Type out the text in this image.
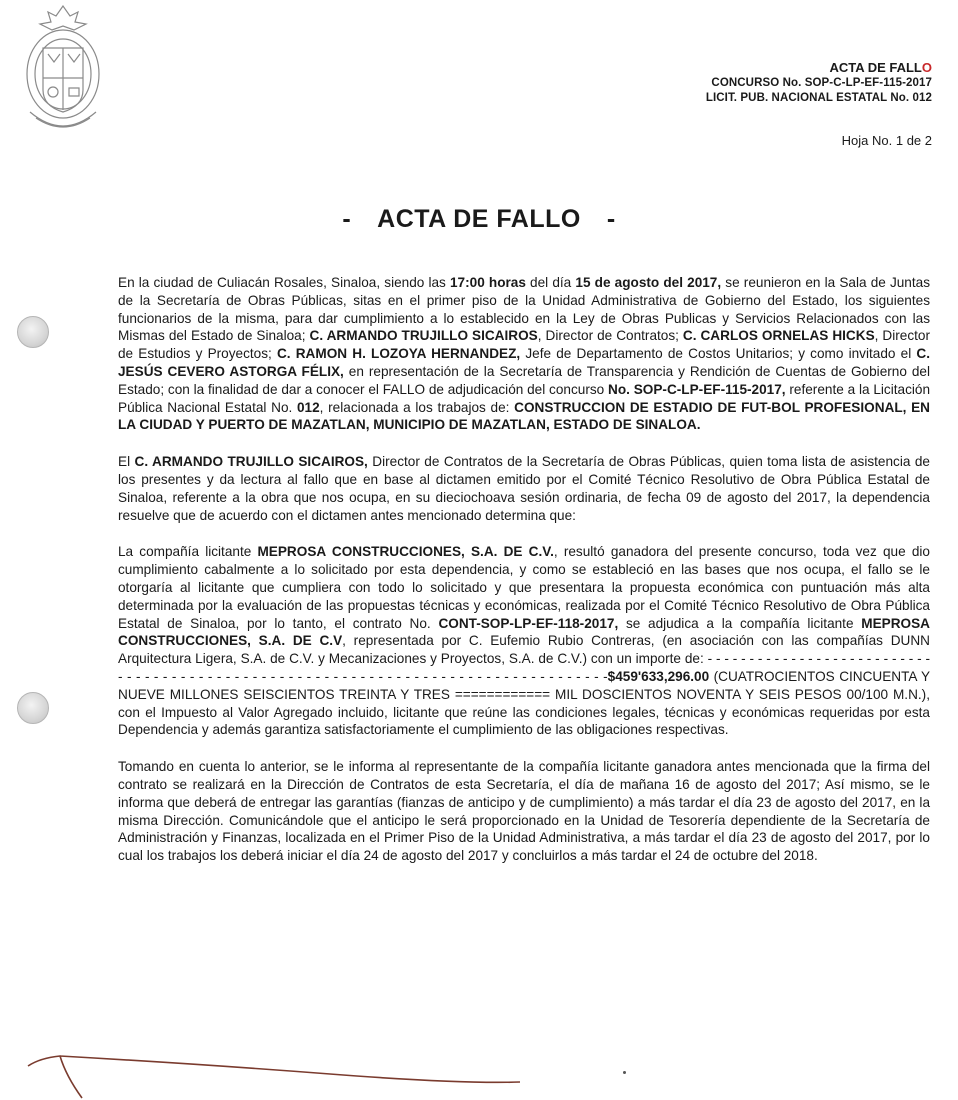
ACTA DE FALLO
CONCURSO No. SOP-C-LP-EF-115-2017
LICIT. PUB. NACIONAL ESTATAL No. 012
Hoja No. 1 de 2
- ACTA DE FALLO -

En la ciudad de Culiacán Rosales, Sinaloa, siendo las 17:00 horas del día 15 de agosto del 2017, se reunieron en la Sala de Juntas de la Secretaría de Obras Públicas, sitas en el primer piso de la Unidad Administrativa de Gobierno del Estado, los siguientes funcionarios de la misma, para dar cumplimiento a lo establecido en la Ley de Obras Publicas y Servicios Relacionados con las Mismas del Estado de Sinaloa; C. ARMANDO TRUJILLO SICAIROS, Director de Contratos; C. CARLOS ORNELAS HICKS, Director de Estudios y Proyectos; C. RAMON H. LOZOYA HERNANDEZ, Jefe de Departamento de Costos Unitarios; y como invitado el C. JESÚS CEVERO ASTORGA FÉLIX, en representación de la Secretaría de Transparencia y Rendición de Cuentas de Gobierno del Estado; con la finalidad de dar a conocer el FALLO de adjudicación del concurso No. SOP-C-LP-EF-115-2017, referente a la Licitación Pública Nacional Estatal No. 012, relacionada a los trabajos de: CONSTRUCCION DE ESTADIO DE FUT-BOL PROFESIONAL, EN LA CIUDAD Y PUERTO DE MAZATLAN, MUNICIPIO DE MAZATLAN, ESTADO DE SINALOA.

El C. ARMANDO TRUJILLO SICAIROS, Director de Contratos de la Secretaría de Obras Públicas, quien toma lista de asistencia de los presentes y da lectura al fallo que en base al dictamen emitido por el Comité Técnico Resolutivo de Obra Pública Estatal de Sinaloa, referente a la obra que nos ocupa, en su dieciochoava sesión ordinaria, de fecha 09 de agosto del 2017, la dependencia resuelve que de acuerdo con el dictamen antes mencionado determina que:

La compañía licitante MEPROSA CONSTRUCCIONES, S.A. DE C.V., resultó ganadora del presente concurso, toda vez que dio cumplimiento cabalmente a lo solicitado por esta dependencia, y como se estableció en las bases que nos ocupa, el fallo se le otorgaría al licitante que cumpliera con todo lo solicitado y que presentara la propuesta económica con puntuación más alta determinada por la evaluación de las propuestas técnicas y económicas, realizada por el Comité Técnico Resolutivo de Obra Pública Estatal de Sinaloa, por lo tanto, el contrato No. CONT-SOP-LP-EF-118-2017, se adjudica a la compañía licitante MEPROSA CONSTRUCCIONES, S.A. DE C.V, representada por C. Eufemio Rubio Contreras, (en asociación con las compañías DUNN Arquitectura Ligera, S.A. de C.V. y Mecanizaciones y Proyectos, S.A. de C.V.) con un importe de: - - - - - - - - - - - - - - - - - - - - - - - - - - - - - - - - - - - - - - - - - - - - - - - - - - - - - - - - - - - - - - - - - - - - - - - - - - - - - - - - - -$459'633,296.00 (CUATROCIENTOS CINCUENTA Y NUEVE MILLONES SEISCIENTOS TREINTA Y TRES ============ MIL DOSCIENTOS NOVENTA Y SEIS PESOS 00/100 M.N.), con el Impuesto al Valor Agregado incluido, licitante que reúne las condiciones legales, técnicas y económicas requeridas por esta Dependencia y además garantiza satisfactoriamente el cumplimiento de las obligaciones respectivas.

Tomando en cuenta lo anterior, se le informa al representante de la compañía licitante ganadora antes mencionada que la firma del contrato se realizará en la Dirección de Contratos de esta Secretaría, el día de mañana 16 de agosto del 2017; Así mismo, se le informa que deberá de entregar las garantías (fianzas de anticipo y de cumplimiento) a más tardar el día 23 de agosto del 2017, en la misma Dirección. Comunicándole que el anticipo le será proporcionado en la Unidad de Tesorería dependiente de la Secretaría de Administración y Finanzas, localizada en el Primer Piso de la Unidad Administrativa, a más tardar el día 23 de agosto del 2017, por lo cual los trabajos los deberá iniciar el día 24 de agosto del 2017 y concluirlos a más tardar el 24 de octubre del 2018.
